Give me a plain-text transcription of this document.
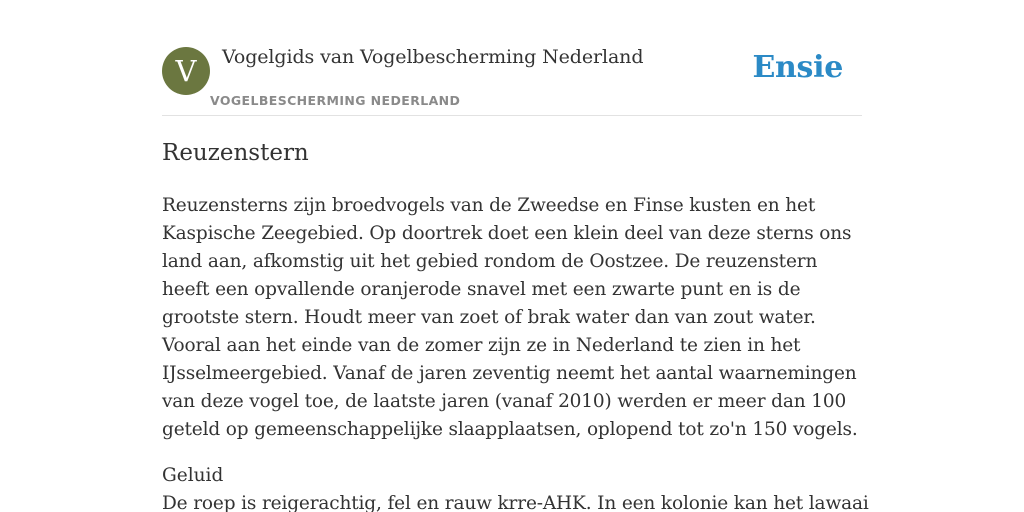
V	Vogelgids van Vogelbescherming Nederland
VOGELBESCHERMING NEDERLAND
Ensie
Reuzenstern

Reuzensterns zijn broedvogels van de Zweedse en Finse kusten en het Kaspische Zeegebied. Op doortrek doet een klein deel van deze sterns ons land aan, afkomstig uit het gebied rondom de Oostzee. De reuzenstern heeft een opvallende oranjerode snavel met een zwarte punt en is de grootste stern. Houdt meer van zoet of brak water dan van zout water. Vooral aan het einde van de zomer zijn ze in Nederland te zien in het IJsselmeergebied. Vanaf de jaren zeventig neemt het aantal waarnemingen van deze vogel toe, de laatste jaren (vanaf 2010) werden er meer dan 100 geteld op gemeenschappelijke slaapplaatsen, oplopend tot zo'n 150 vogels.

Geluid

De roep is reigerachtig, fel en rauw krre-AHK. In een kolonie kan het lawaai
